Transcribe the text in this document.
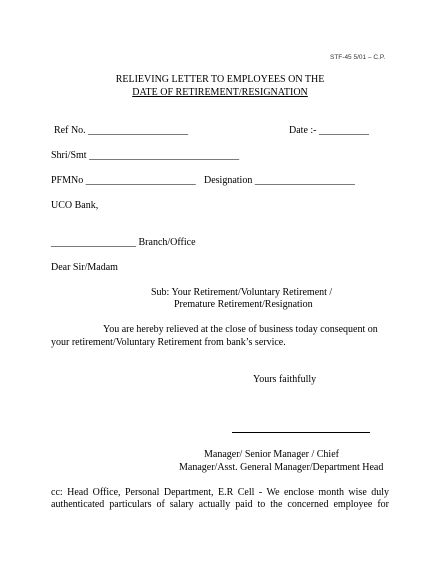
STF-45 5/01 – C.P.
RELIEVING LETTER TO EMPLOYEES ON THE
DATE OF RETIREMENT/RESIGNATION
Ref No. ____________________	Date :- __________
Shri/Smt ______________________________
PFMNo ______________________ Designation ____________________
UCO Bank,
_________________ Branch/Office
Dear Sir/Madam
Sub: Your Retirement/Voluntary Retirement /
Premature Retirement/Resignation
You are hereby relieved at the close of business today consequent on
your retirement/Voluntary Retirement from bank’s service.
Yours faithfully
Manager/ Senior Manager / Chief
Manager/Asst. General Manager/Department Head
cc: Head Office, Personal Department, E.R Cell - We enclose month wise duly
authenticated particulars of salary actually paid to the concerned employee for
